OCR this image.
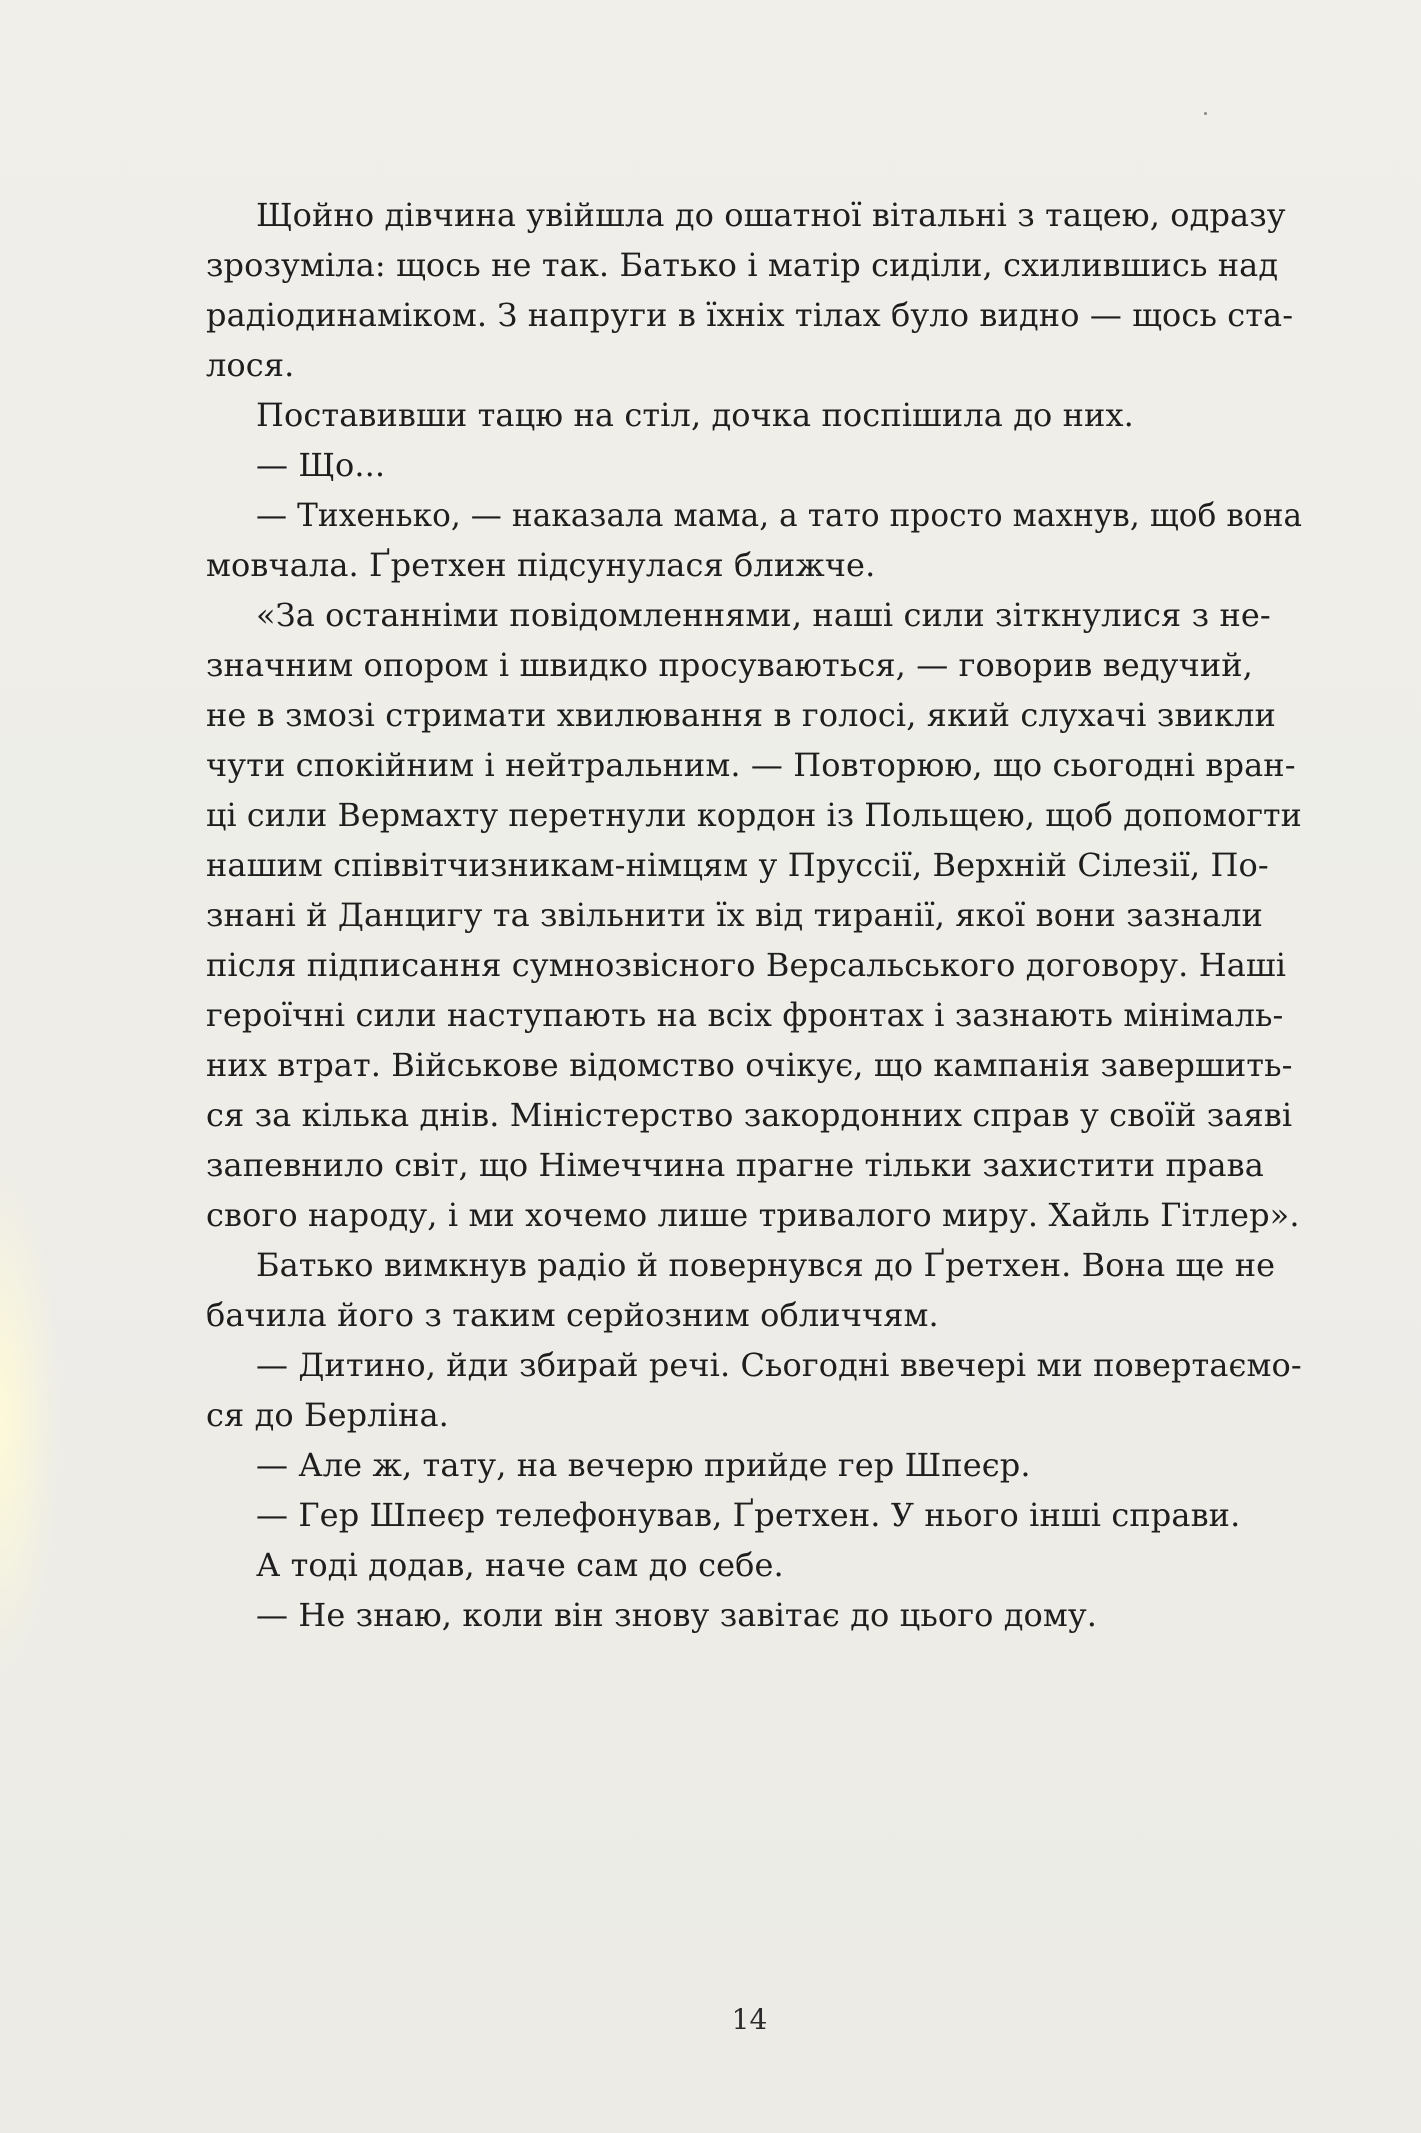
Щойно дівчина увійшла до ошатної вітальні з тацею, одразу
зрозуміла: щось не так. Батько і матір сиділи, схилившись над
радіодинаміком. З напруги в їхніх тілах було видно — щось ста-
лося.
Поставивши тацю на стіл, дочка поспішила до них.
— Що...
— Тихенько, — наказала мама, а тато просто махнув, щоб вона
мовчала. Ґретхен підсунулася ближче.
«За останніми повідомленнями, наші сили зіткнулися з не-
значним опором і швидко просуваються, — говорив ведучий,
не в змозі стримати хвилювання в голосі, який слухачі звикли
чути спокійним і нейтральним. — Повторюю, що сьогодні вран-
ці сили Вермахту перетнули кордон із Польщею, щоб допомогти
нашим співвітчизникам-німцям у Пруссії, Верхній Сілезії, По-
знані й Данцигу та звільнити їх від тиранії, якої вони зазнали
після підписання сумнозвісного Версальського договору. Наші
героїчні сили наступають на всіх фронтах і зазнають мінімаль-
них втрат. Військове відомство очікує, що кампанія завершить-
ся за кілька днів. Міністерство закордонних справ у своїй заяві
запевнило світ, що Німеччина прагне тільки захистити права
свого народу, і ми хочемо лише тривалого миру. Хайль Гітлер».
Батько вимкнув радіо й повернувся до Ґретхен. Вона ще не
бачила його з таким серйозним обличчям.
— Дитино, йди збирай речі. Сьогодні ввечері ми повертаємо-
ся до Берліна.
— Але ж, тату, на вечерю прийде гер Шпеєр.
— Гер Шпеєр телефонував, Ґретхен. У нього інші справи.
А тоді додав, наче сам до себе.
— Не знаю, коли він знову завітає до цього дому.
14
